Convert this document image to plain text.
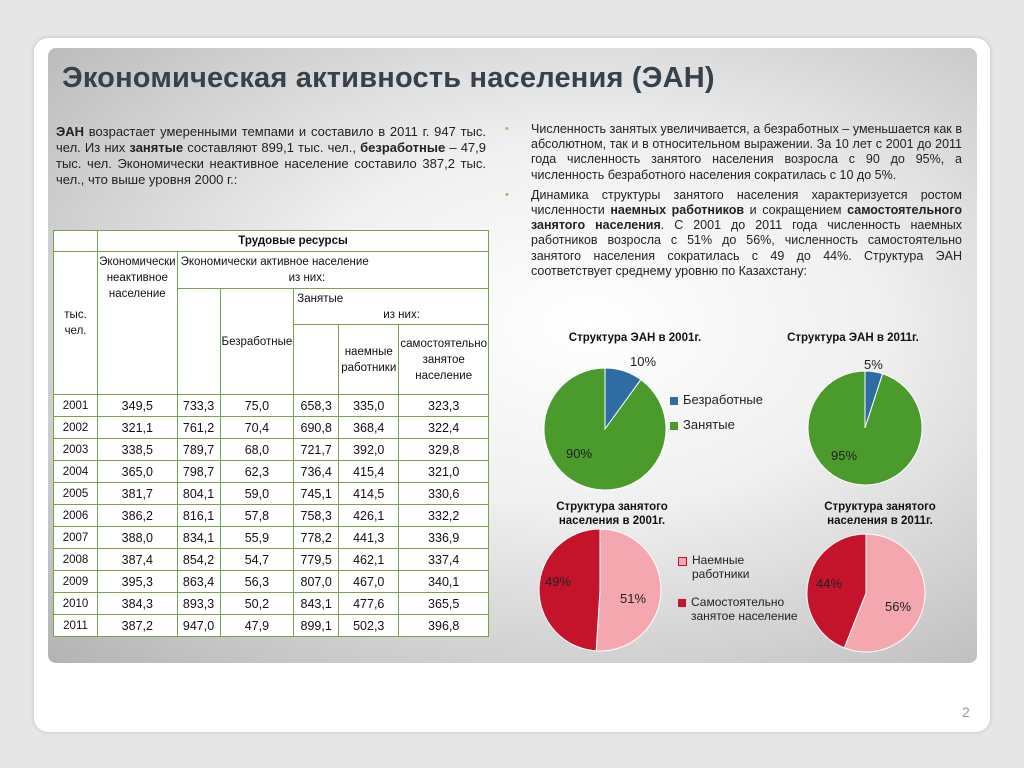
Экономическая активность населения (ЭАН)
ЭАН возрастает умеренными темпами и составило в 2011 г. 947 тыс. чел. Из них занятые составляют 899,1 тыс. чел., безработные – 47,9 тыс. чел. Экономически неактивное население составило 387,2 тыс. чел., что выше уровня 2000 г.:
• Численность занятых увеличивается, а безработных – уменьшается как в абсолютном, так и в относительном выражении. За 10 лет с 2001 до 2011 года численность занятого населения возросла с 90 до 95%, а численность безработного населения сократилась с 10 до 5%.
• Динамика структуры занятого населения характеризуется ростом численности наемных работников и сокращением самостоятельного занятого населения. С 2001 до 2011 года численность наемных работников возросла с 51% до 56%, численность самостоятельно занятого населения сократилась с 49 до 44%. Структура ЭАН соответствует среднему уровню по Казахстану:
	Трудовые ресурсы					
тыс. чел.	Экономически неактивное население	Экономически активное население
из них:				

			Безработные	Занятые
из них:		

					наемные работники	самостоятельно занятое население

2001	349,5	733,3	75,0	658,3	335,0	323,3
2002	321,1	761,2	70,4	690,8	368,4	322,4
2003	338,5	789,7	68,0	721,7	392,0	329,8
2004	365,0	798,7	62,3	736,4	415,4	321,0
2005	381,7	804,1	59,0	745,1	414,5	330,6
2006	386,2	816,1	57,8	758,3	426,1	332,2
2007	388,0	834,1	55,9	778,2	441,3	336,9
2008	387,4	854,2	54,7	779,5	462,1	337,4
2009	395,3	863,4	56,3	807,0	467,0	340,1
2010	384,3	893,3	50,2	843,1	477,6	365,5
2011	387,2	947,0	47,9	899,1	502,3	396,8
Структура ЭАН в 2001г.
10%
90%
Безработные
Занятые
Структура ЭАН в 2011г.
5%
95%
Структура занятого населения в 2001г.
49%
51%
Наемные работники
Самостоятельно занятое население
Структура занятого населения в 2011г.
44%
56%
2
